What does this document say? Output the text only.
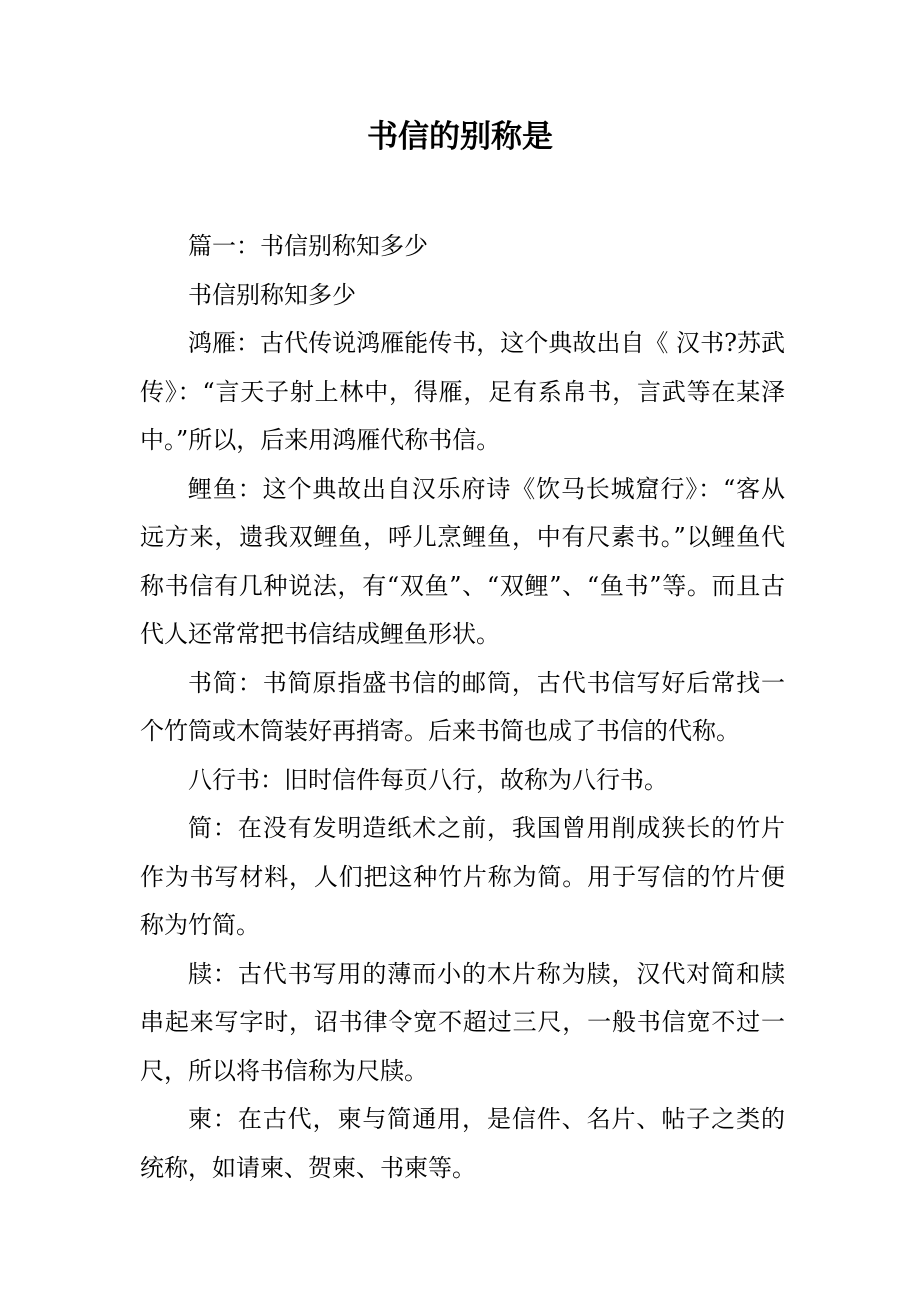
书信的别称是

篇一：书信别称知多少

书信别称知多少

鸿雁：古代传说鸿雁能传书，这个典故出自《 汉书?苏武传》：“言天子射上林中，得雁，足有系帛书，言武等在某泽中。”所以，后来用鸿雁代称书信。

鲤鱼：这个典故出自汉乐府诗《饮马长城窟行》：“客从远方来，遗我双鲤鱼，呼儿烹鲤鱼，中有尺素书。”以鲤鱼代称书信有几种说法，有“双鱼”、“双鲤”、“鱼书”等。而且古代人还常常把书信结成鲤鱼形状。

书简：书简原指盛书信的邮筒，古代书信写好后常找一个竹筒或木筒装好再捎寄。后来书简也成了书信的代称。

八行书：旧时信件每页八行，故称为八行书。

简：在没有发明造纸术之前，我国曾用削成狭长的竹片作为书写材料，人们把这种竹片称为简。用于写信的竹片便称为竹简。

牍：古代书写用的薄而小的木片称为牍，汉代对简和牍串起来写字时，诏书律令宽不超过三尺，一般书信宽不过一尺，所以将书信称为尺牍。

柬：在古代，柬与简通用，是信件、名片、帖子之类的统称，如请柬、贺柬、书柬等。
